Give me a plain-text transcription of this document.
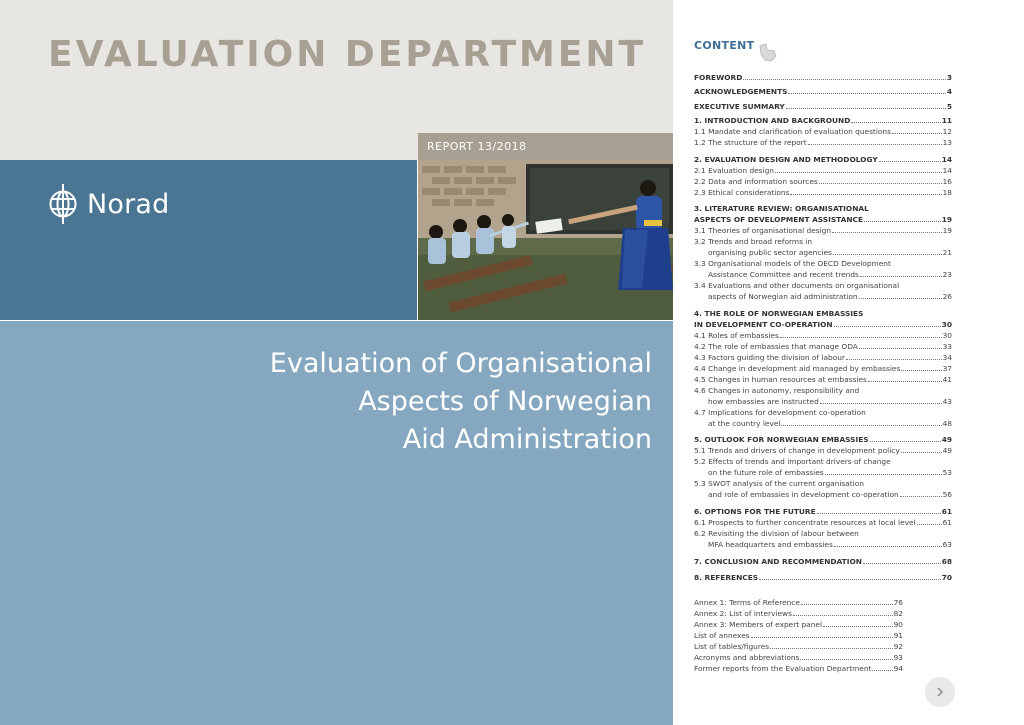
EVALUATION DEPARTMENT
Norad
REPORT 13/2018
Evaluation of Organisational
Aspects of Norwegian
Aid Administration
CONTENT
FOREWORD	3
ACKNOWLEDGEMENTS	4
EXECUTIVE SUMMARY	5
1. INTRODUCTION AND BACKGROUND	11
1.1 Mandate and clarification of evaluation questions	12
1.2 The structure of the report	13
2. EVALUATION DESIGN AND METHODOLOGY	14
2.1 Evaluation design	14
2.2 Data and information sources	16
2.3 Ethical considerations	18
3. LITERATURE REVIEW: ORGANISATIONAL
ASPECTS OF DEVELOPMENT ASSISTANCE	19
3.1 Theories of organisational design	19
3.2 Trends and broad reforms in
organising public sector agencies	21
3.3 Organisational models of the OECD Development
Assistance Committee and recent trends	23
3.4 Evaluations and other documents on organisational
aspects of Norwegian aid administration	26
4. THE ROLE OF NORWEGIAN EMBASSIES
IN DEVELOPMENT CO-OPERATION	30
4.1 Roles of embassies	30
4.2 The role of embassies that manage ODA	33
4.3 Factors guiding the division of labour	34
4.4 Change in development aid managed by embassies	37
4.5 Changes in human resources at embassies	41
4.6 Changes in autonomy, responsibility and
how embassies are instructed	43
4.7 Implications for development co-operation
at the country level	48
5. OUTLOOK FOR NORWEGIAN EMBASSIES	49
5.1 Trends and drivers of change in development policy	49
5.2 Effects of trends and important drivers of change
on the future role of embassies	53
5.3 SWOT analysis of the current organisation
and role of embassies in development co-operation	56
6. OPTIONS FOR THE FUTURE	61
6.1 Prospects to further concentrate resources at local level	61
6.2 Revisiting the division of labour between
MFA headquarters and embassies	63
7. CONCLUSION AND RECOMMENDATION	68
8. REFERENCES	70
Annex 1: Terms of Reference	76
Annex 2: List of interviews	82
Annex 3: Members of expert panel	90
List of annexes	91
List of tables/figures	92
Acronyms and abbreviations	93
Former reports from the Evaluation Department	94
